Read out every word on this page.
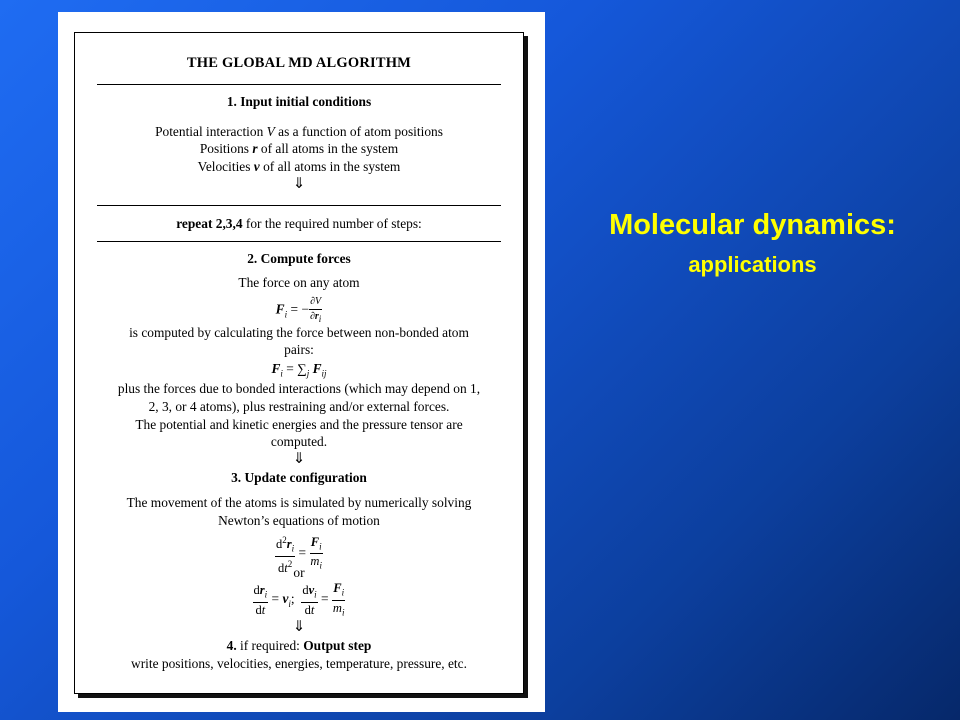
THE GLOBAL MD ALGORITHM
1. Input initial conditions
Potential interaction V as a function of atom positions
Positions r of all atoms in the system
Velocities v of all atoms in the system
⇓
repeat 2,3,4 for the required number of steps:
2. Compute forces
The force on any atom
$F_i$ = − $\frac{\partial V}{\partial r_i}$
is computed by calculating the force between non-bonded atom
pairs:
$F_i = \sum_j$ $F_{ij}$
plus the forces due to bonded interactions (which may depend on 1,
2, 3, or 4 atoms), plus restraining and/or external forces.
The potential and kinetic energies and the pressure tensor are
computed.
⇓
3. Update configuration
The movement of the atoms is simulated by numerically solving
Newton’s equations of motion
$\frac{d^2r_i}{dt^2} = \frac{F_i}{m_i}$
or
$\frac{dr_i}{dt} = v_i$; $\frac{dv_i}{dt} = \frac{F_i}{m_i}$
⇓
4. if required: Output step
write positions, velocities, energies, temperature, pressure, etc.
Molecular dynamics:
applications
